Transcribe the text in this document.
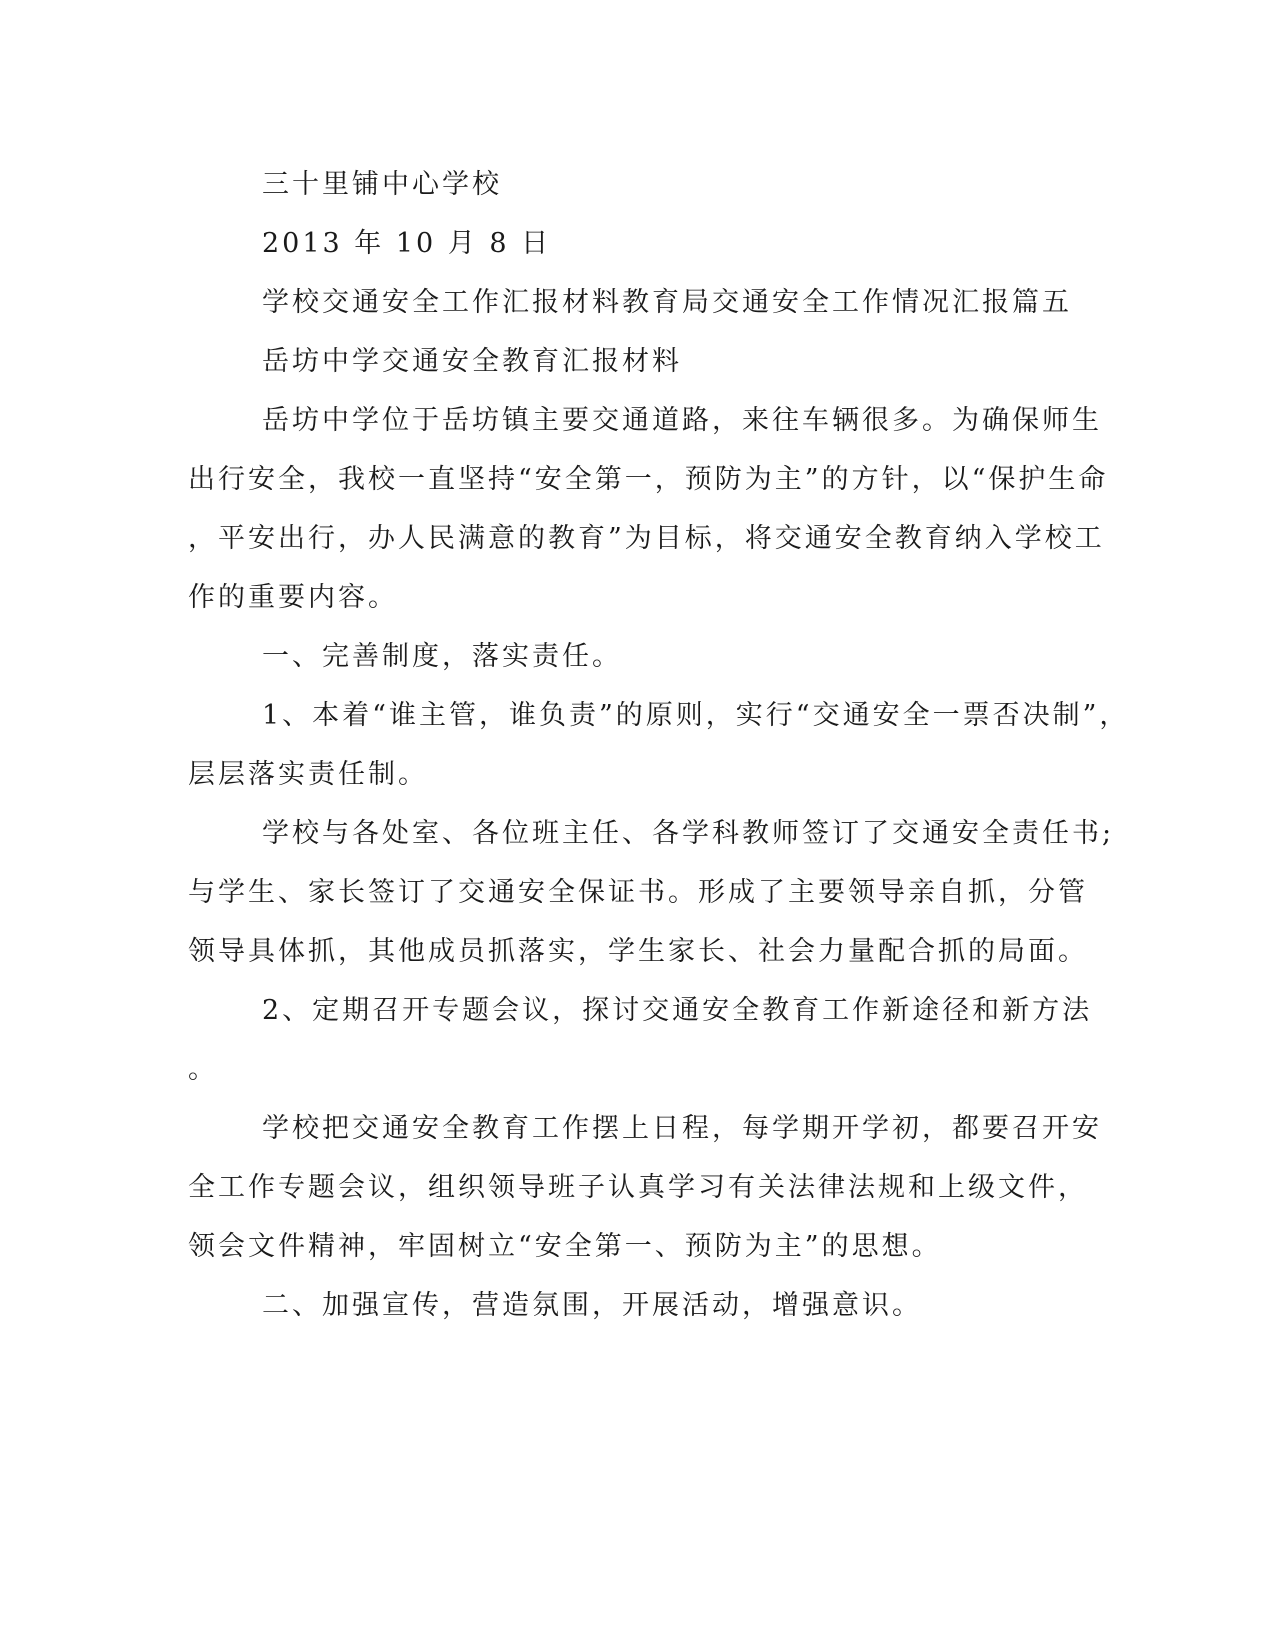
三十里铺中心学校
2013 年 10 月 8 日
学校交通安全工作汇报材料教育局交通安全工作情况汇报篇五
岳坊中学交通安全教育汇报材料
岳坊中学位于岳坊镇主要交通道路，来往车辆很多。为确保师生
出行安全，我校一直坚持“安全第一，预防为主”的方针，以“保护生命
，平安出行，办人民满意的教育”为目标，将交通安全教育纳入学校工
作的重要内容。
一、完善制度，落实责任。
1、本着“谁主管，谁负责”的原则，实行“交通安全一票否决制”，
层层落实责任制。
学校与各处室、各位班主任、各学科教师签订了交通安全责任书;
与学生、家长签订了交通安全保证书。形成了主要领导亲自抓，分管
领导具体抓，其他成员抓落实，学生家长、社会力量配合抓的局面。
2、定期召开专题会议，探讨交通安全教育工作新途径和新方法
。
学校把交通安全教育工作摆上日程，每学期开学初，都要召开安
全工作专题会议，组织领导班子认真学习有关法律法规和上级文件，
领会文件精神，牢固树立“安全第一、预防为主”的思想。
二、加强宣传，营造氛围，开展活动，增强意识。
